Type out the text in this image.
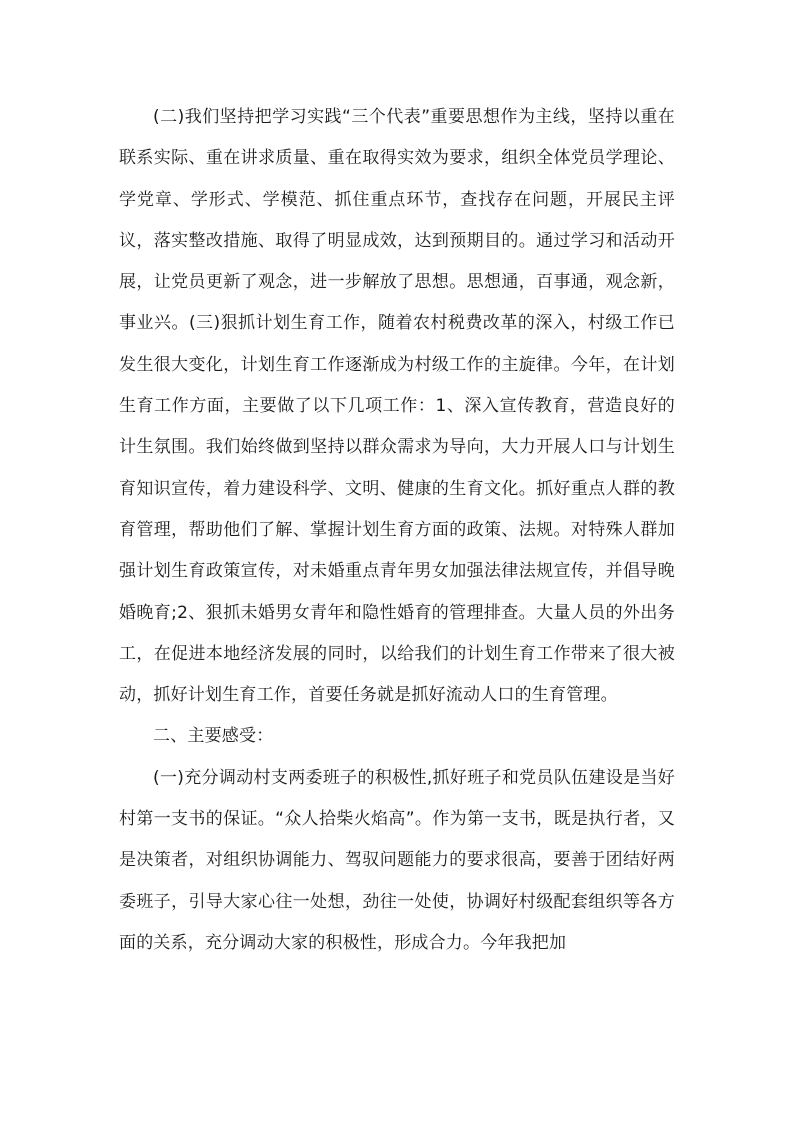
(二)我们坚持把学习实践“三个代表”重要思想作为主线，坚持以重在联系实际、重在讲求质量、重在取得实效为要求，组织全体党员学理论、学党章、学形式、学模范、抓住重点环节，查找存在问题，开展民主评议，落实整改措施、取得了明显成效，达到预期目的。通过学习和活动开展，让党员更新了观念，进一步解放了思想。思想通，百事通，观念新，事业兴。(三)狠抓计划生育工作，随着农村税费改革的深入，村级工作已发生很大变化，计划生育工作逐渐成为村级工作的主旋律。今年，在计划生育工作方面，主要做了以下几项工作：1、深入宣传教育，营造良好的计生氛围。我们始终做到坚持以群众需求为导向，大力开展人口与计划生育知识宣传，着力建设科学、文明、健康的生育文化。抓好重点人群的教育管理，帮助他们了解、掌握计划生育方面的政策、法规。对特殊人群加强计划生育政策宣传，对未婚重点青年男女加强法律法规宣传，并倡导晚婚晚育;2、狠抓未婚男女青年和隐性婚育的管理排查。大量人员的外出务工，在促进本地经济发展的同时，以给我们的计划生育工作带来了很大被动，抓好计划生育工作，首要任务就是抓好流动人口的生育管理。

二、主要感受：

(一)充分调动村支两委班子的积极性,抓好班子和党员队伍建设是当好村第一支书的保证。“众人拾柴火焰高”。作为第一支书，既是执行者，又是决策者，对组织协调能力、驾驭问题能力的要求很高，要善于团结好两委班子，引导大家心往一处想，劲往一处使，协调好村级配套组织等各方面的关系，充分调动大家的积极性，形成合力。今年我把加
